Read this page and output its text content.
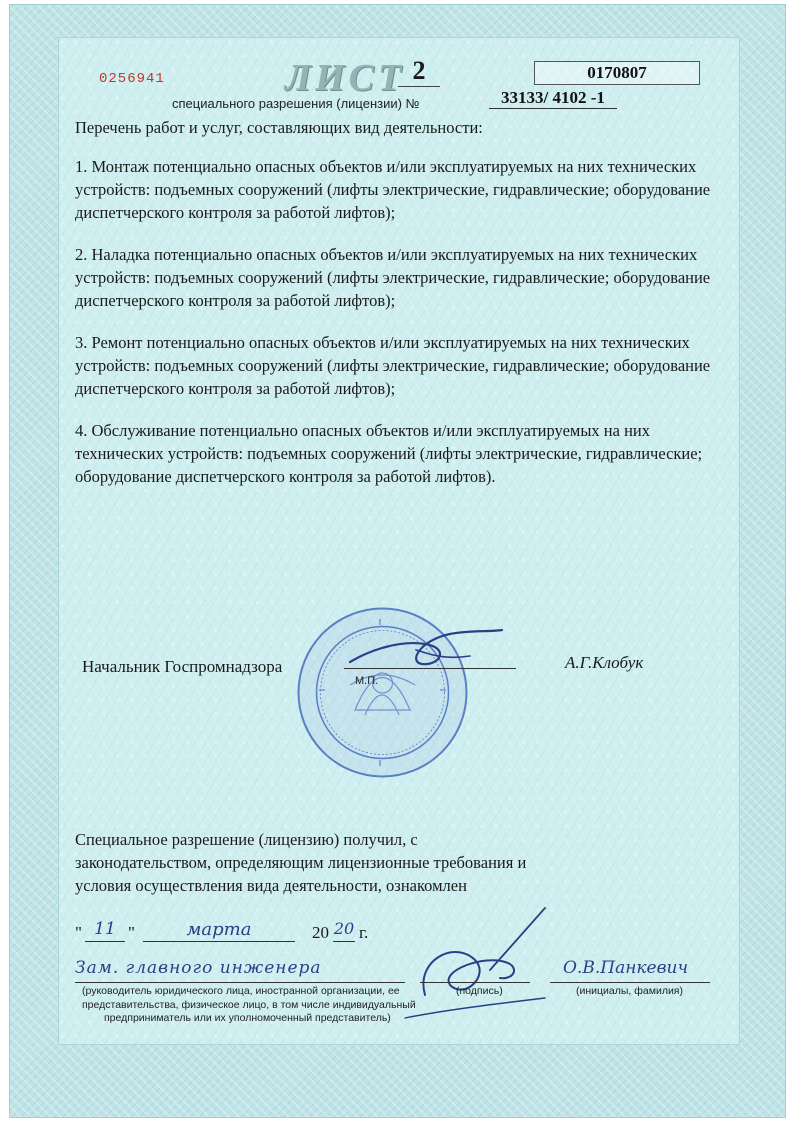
0256941	ЛИСТ 2	0170807
специального разрешения (лицензии) №	33133/ 4102 -1
Перечень работ и услуг, составляющих вид деятельности:

1. Монтаж потенциально опасных объектов и/или эксплуатируемых на них технических устройств: подъемных сооружений (лифты электрические, гидравлические; оборудование диспетчерского контроля за работой лифтов);

2. Наладка потенциально опасных объектов и/или эксплуатируемых на них технических устройств: подъемных сооружений (лифты электрические, гидравлические; оборудование диспетчерского контроля за работой лифтов);

3. Ремонт потенциально опасных объектов и/или эксплуатируемых на них технических устройств: подъемных сооружений (лифты электрические, гидравлические; оборудование диспетчерского контроля за работой лифтов);

4. Обслуживание потенциально опасных объектов и/или эксплуатируемых на них технических устройств: подъемных сооружений (лифты электрические, гидравлические; оборудование диспетчерского контроля за работой лифтов).

Начальник Госпромнадзора
М.П.
А.Г.Клобук
Специальное разрешение (лицензию) получил, с законодательством, определяющим лицензионные требования и условия осуществления вида деятельности, ознакомлен
" 11 "	марта	20 20 г.
Зам. главного инженера
(руководитель юридического лица, иностранной организации, ее
представительства, физическое лицо, в том числе индивидуальный
предприниматель или их уполномоченный представитель)
(подпись)
О.В.Панкевич
(инициалы, фамилия)
